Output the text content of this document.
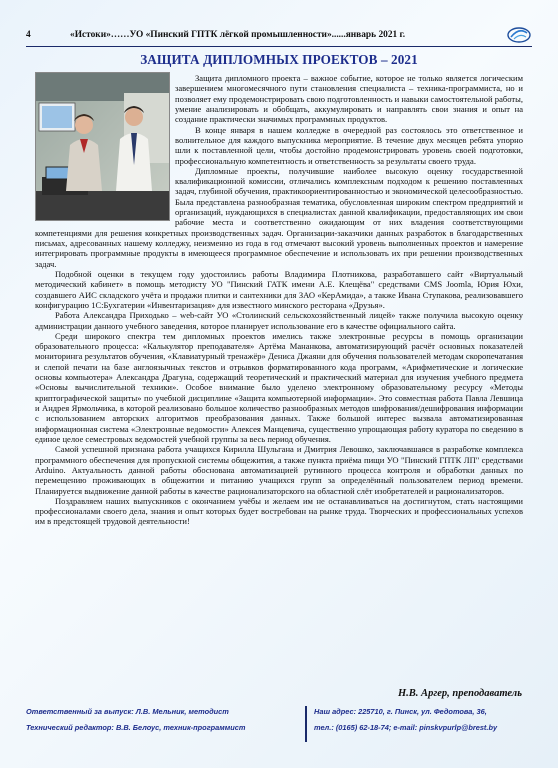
4	«Истоки»……УО «Пинский ГПТК лёгкой промышленности»......январь 2021 г.
ЗАЩИТА ДИПЛОМНЫХ ПРОЕКТОВ – 2021

Защита дипломного проекта – важное событие, которое не только является логическим завершением многомесячного пути становления специалиста – техника-программиста, но и позволяет ему продемонстрировать свою подготовленность и навыки самостоятельной работы, умение анализировать и обобщать, аккумулировать и направлять свои знания и опыт на создание практически значимых программных продуктов.

В конце января в нашем колледже в очередной раз состоялось это ответственное и волнительное для каждого выпускника мероприятие. В течение двух месяцев ребята упорно шли к поставленной цели, чтобы достойно продемонстрировать уровень своей подготовки, профессиональную компетентность и ответственность за результаты своего труда.

Дипломные проекты, получившие наиболее высокую оценку государственной квалификационной комиссии, отличались комплексным подходом к решению поставленных задач, глубиной обучения, практикоориентированностью и экономической целесообразностью. Была представлена разнообразная тематика, обусловленная широким спектром предприятий и организаций, нуждающихся в специалистах данной квалификации, предоставляющих им свои рабочие места и соответственно ожидающим от них владения соответствующими компетенциями для решения конкретных производственных задач. Организации-заказчики данных разработок в благодарственных письмах, адресованных нашему колледжу, неизменно из года в год отмечают высокий уровень выполненных проектов и намерение интегрировать программные продукты в имеющееся программное обеспечение и использовать их при решении производственных задач.

Подобной оценки в текущем году удостоились работы Владимира Плотникова, разработавшего сайт «Виртуальный методический кабинет» в помощь методисту УО "Пинский ГАТК имени А.Е. Клещёва" средствами CMS Joomla, Юрия Юхи, создавшего АИС складского учёта и продажи плитки и сантехники для ЗАО «КерАмида», а также Ивана Ступакова, реализовавшего конфигурацию 1С:Бухгатерии «Инвентаризация» для известного минского ресторана «Друзья».

Работа Александра Приходько – web-сайт УО «Столинский сельскохозяйственный лицей» также получила высокую оценку администрации данного учебного заведения, которое планирует использование его в качестве официального сайта.

Среди широкого спектра тем дипломных проектов имелись также электронные ресурсы в помощь организации образовательного процесса: «Калькулятор преподавателя» Артёма Мананкова, автоматизирующий расчёт основных показателей мониторинга результатов обучения, «Клавиатурный тренажёр» Дениса Джаяни для обучения пользователей методам скоропечатания и слепой печати на базе англоязычных текстов и отрывков форматированного кода программ, «Арифметические и логические основы компьютера» Александра Драгуна, содержащий теоретический и практический материал для изучения учебного предмета «Основы вычислительной техники». Особое внимание было уделено электронному образовательному ресурсу «Методы криптографической защиты» по учебной дисциплине «Защита компьютерной информации». Это совместная работа Павла Левшица и Андрея Ярмольчика, в которой реализовано большое количество разнообразных методов шифрования/дешифрования информации с использованием авторских алгоритмов преобразования данных. Также большой интерес вызвала автоматизированная информационная система «Электронные ведомости» Алексея Манцевича, существенно упрощающая работу куратора по сведению в единое целое семестровых ведомостей учебной группы за весь период обучения.

Самой успешной признана работа учащихся Кирилла Шульгана и Дмитрия Левошко, заключавшаяся в разработке комплекса программного обеспечения для пропускной системы общежития, а также пункта приёма пищи УО "Пинский ГПТК ЛП" средствами Arduino. Актуальность данной работы обоснована автоматизацией рутинного процесса контроля и обработки данных по перемещению проживающих в общежитии и питанию учащихся групп за определённый пользователем период времени. Планируется выдвижение данной работы в качестве рационализаторского на областной слёт изобретателей и рационализаторов.

Поздравляем наших выпускников с окончанием учёбы и желаем им не останавливаться на достигнутом, стать настоящими профессионалами своего дела, знания и опыт которых будет востребован на рынке труда. Творческих и профессиональных успехов им в предстоящей трудовой деятельности!

Н.В. Аргер, преподаватель
Ответственный за выпуск: Л.В. Мельник, методист
Технический редактор: В.В. Белоус, техник-программист
Наш адрес: 225710, г. Пинск, ул. Федотова, 36,
тел.: (0165) 62-18-74; e-mail: pinskvpurlp@brest.by
